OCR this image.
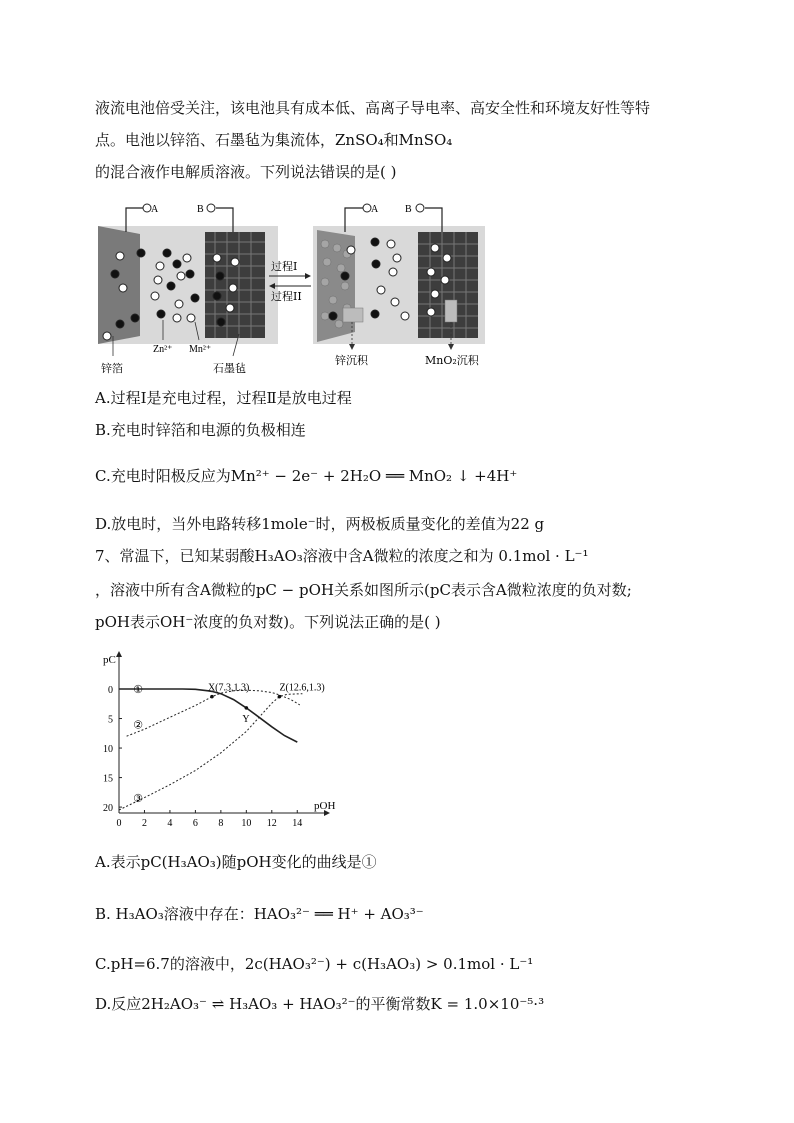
液流电池倍受关注，该电池具有成本低、高离子导电率、高安全性和环境友好性等特
点。电池以锌箔、石墨毡为集流体，ZnSO₄和MnSO₄
的混合液作电解质溶液。下列说法错误的是( )
A	B
锌箔
Zn²⁺ Mn²⁺
石墨毡
过程I
过程II
A	B
锌沉积	MnO₂沉积
A.过程Ⅰ是充电过程，过程Ⅱ是放电过程
B.充电时锌箔和电源的负极相连
C.充电时阳极反应为Mn²⁺ − 2e⁻ + 2H₂O ══ MnO₂ ↓ +4H⁺
D.放电时，当外电路转移1mole⁻时，两极板质量变化的差值为22 g
7、常温下，已知某弱酸H₃AO₃溶液中含A微粒的浓度之和为 0.1mol · L⁻¹
，溶液中所有含A微粒的pC − pOH关系如图所示(pC表示含A微粒浓度的负对数;
pOH表示OH⁻浓度的负对数)。下列说法正确的是( )
pC
pOH
0 2 4 6 8 10 12 14
0
5
10
15
20
①
②
③
X(7.3,1.3)	Z(12.6,1.3)
Y
A.表示pC(H₃AO₃)随pOH变化的曲线是①
B. H₃AO₃溶液中存在：HAO₃²⁻ ══ H⁺ + AO₃³⁻
C.pH=6.7的溶液中，2c(HAO₃²⁻) + c(H₃AO₃) > 0.1mol · L⁻¹
D.反应2H₂AO₃⁻ ⇌ H₃AO₃ + HAO₃²⁻的平衡常数K = 1.0×10⁻⁵·³
